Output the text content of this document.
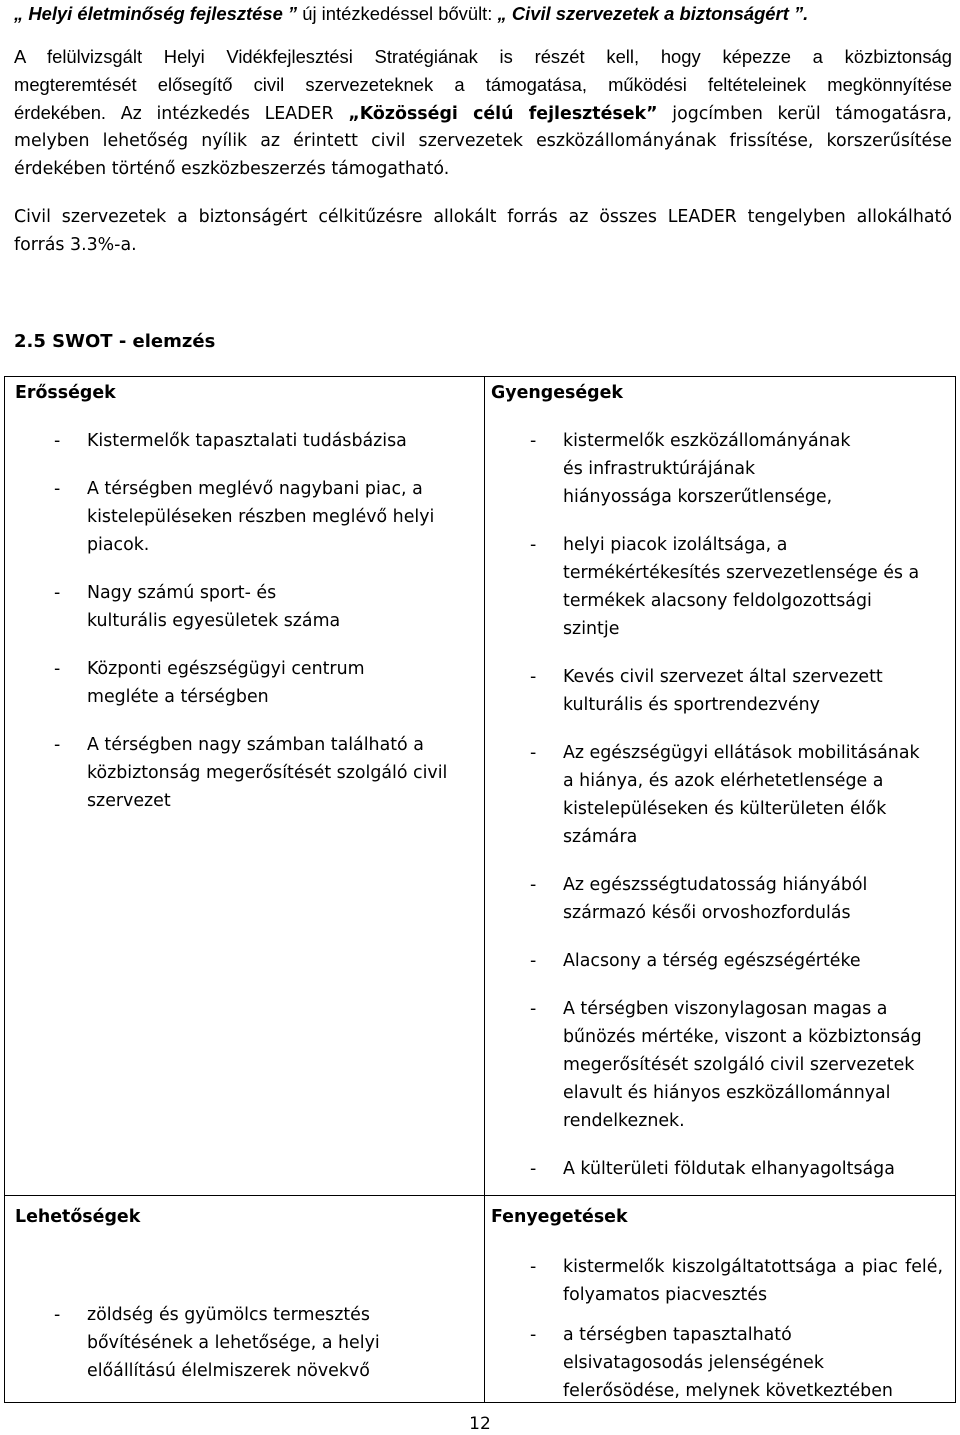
„ Helyi életminőség fejlesztése ” új intézkedéssel bővült: „ Civil szervezetek a biztonságért ”.
A felülvizsgált Helyi Vidékfejlesztési Stratégiának is részét kell, hogy képezze a közbiztonság
megteremtését elősegítő civil szervezeteknek a támogatása, működési feltételeinek megkönnyítése
érdekében. Az intézkedés LEADER „Közösségi célú fejlesztések” jogcímben kerül támogatásra,
melyben lehetőség nyílik az érintett civil szervezetek eszközállományának frissítése, korszerűsítése
érdekében történő eszközbeszerzés támogatható.
Civil szervezetek a biztonságért célkitűzésre allokált forrás az összes LEADER tengelyben allokálható
forrás 3.3%-a.
2.5 SWOT - elemzés
Erősségek	Gyengeségek
- Kistermelők tapasztalati tudásbázisa
- A térségben meglévő nagybani piac, a kistelepüléseken részben meglévő helyi piacok.
- Nagy számú sport- és kulturális egyesületek száma
- Központi egészségügyi centrum megléte a térségben
- A térségben nagy számban található a közbiztonság megerősítését szolgáló civil szervezet
- kistermelők eszközállományának és infrastruktúrájának hiányossága korszerűtlensége,
- helyi piacok izoláltsága, a termékértékesítés szervezetlensége és a termékek alacsony feldolgozottsági szintje
- Kevés civil szervezet által szervezett kulturális és sportrendezvény
- Az egészségügyi ellátások mobilitásának a hiánya, és azok elérhetetlensége a kistelepüléseken és külterületen élők számára
- Az egészsségtudatosság hiányából származó késői orvoshozfordulás
- Alacsony a térség egészségértéke
- A térségben viszonylagosan magas a bűnözés mértéke, viszont a közbiztonság megerősítését szolgáló civil szervezetek elavult és hiányos eszközállománnyal rendelkeznek.
- A külterületi földutak elhanyagoltsága
Lehetőségek	Fenyegetések
- zöldség és gyümölcs termesztés bővítésének a lehetősége, a helyi előállítású élelmiszerek növekvő
- kistermelők kiszolgáltatottsága a piac felé, folyamatos piacvesztés
- a térségben tapasztalható elsivatagosodás jelenségének felerősödése, melynek következtében
12
